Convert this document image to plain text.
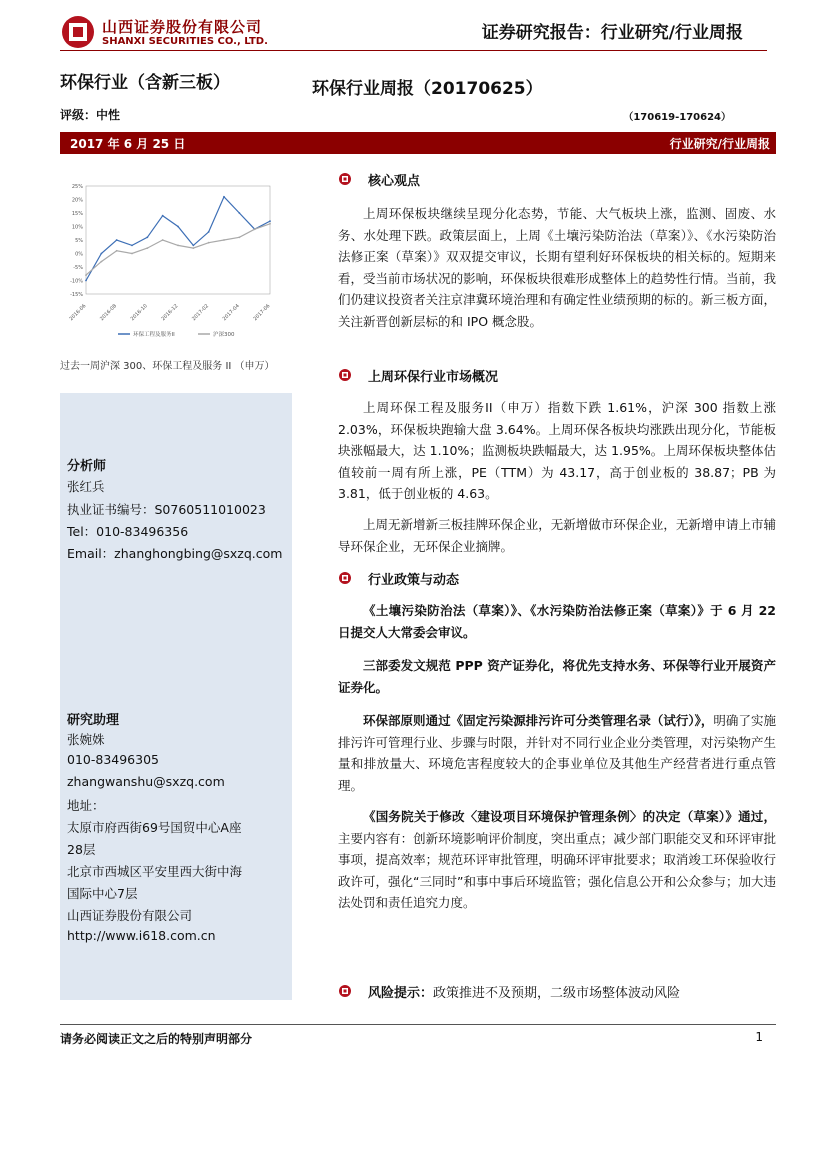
山西证券股份有限公司
SHANXI SECURITIES CO., LTD.	证券研究报告：行业研究/行业周报
环保行业（含新三板）	环保行业周报（20170625）
评级：中性	（170619-170624）
2017 年 6 月 25 日	行业研究/行业周报
25%
20%
15%
10%
5%
0%
-5%
-10%
-15%
2016-06 2016-08 2016-10 2016-12 2017-02 2017-04 2017-06
环保工程及服务II	沪深300
过去一周沪深 300、环保工程及服务 II （申万）
分析师
张红兵
执业证书编号：S0760511010023
Tel：010-83496356
Email：zhanghongbing@sxzq.com
研究助理
张婉姝
010-83496305
zhangwanshu@sxzq.com
地址：
太原市府西街69号国贸中心A座
28层
北京市西城区平安里西大街中海
国际中心7层
山西证券股份有限公司
http://www.i618.com.cn
核心观点
上周环保板块继续呈现分化态势，节能、大气板块上涨，监测、固废、水务、水处理下跌。政策层面上，上周《土壤污染防治法（草案）》、《水污染防治法修正案（草案）》双双提交审议，长期有望利好环保板块的相关标的。短期来看，受当前市场状况的影响，环保板块很难形成整体上的趋势性行情。当前，我们仍建议投资者关注京津冀环境治理和有确定性业绩预期的标的。新三板方面，关注新晋创新层标的和 IPO 概念股。
上周环保行业市场概况
上周环保工程及服务II（申万）指数下跌 1.61%，沪深 300 指数上涨 2.03%，环保板块跑输大盘 3.64%。上周环保各板块均涨跌出现分化，节能板块涨幅最大，达 1.10%；监测板块跌幅最大，达 1.95%。上周环保板块整体估值较前一周有所上涨，PE（TTM）为 43.17，高于创业板的 38.87；PB 为 3.81，低于创业板的 4.63。
上周无新增新三板挂牌环保企业，无新增做市环保企业，无新增申请上市辅导环保企业，无环保企业摘牌。
行业政策与动态
《土壤污染防治法（草案）》、《水污染防治法修正案（草案）》于 6 月 22 日提交人大常委会审议。
三部委发文规范 PPP 资产证券化，将优先支持水务、环保等行业开展资产证券化。
环保部原则通过《固定污染源排污许可分类管理名录（试行）》，明确了实施排污许可管理行业、步骤与时限，并针对不同行业企业分类管理，对污染物产生量和排放量大、环境危害程度较大的企事业单位及其他生产经营者进行重点管理。
《国务院关于修改〈建设项目环境保护管理条例〉的决定（草案）》通过，主要内容有：创新环境影响评价制度，突出重点；减少部门职能交叉和环评审批事项，提高效率；规范环评审批管理，明确环评审批要求；取消竣工环保验收行政许可，强化“三同时”和事中事后环境监管；强化信息公开和公众参与；加大违法处罚和责任追究力度。
风险提示：政策推进不及预期，二级市场整体波动风险
请务必阅读正文之后的特别声明部分	1
